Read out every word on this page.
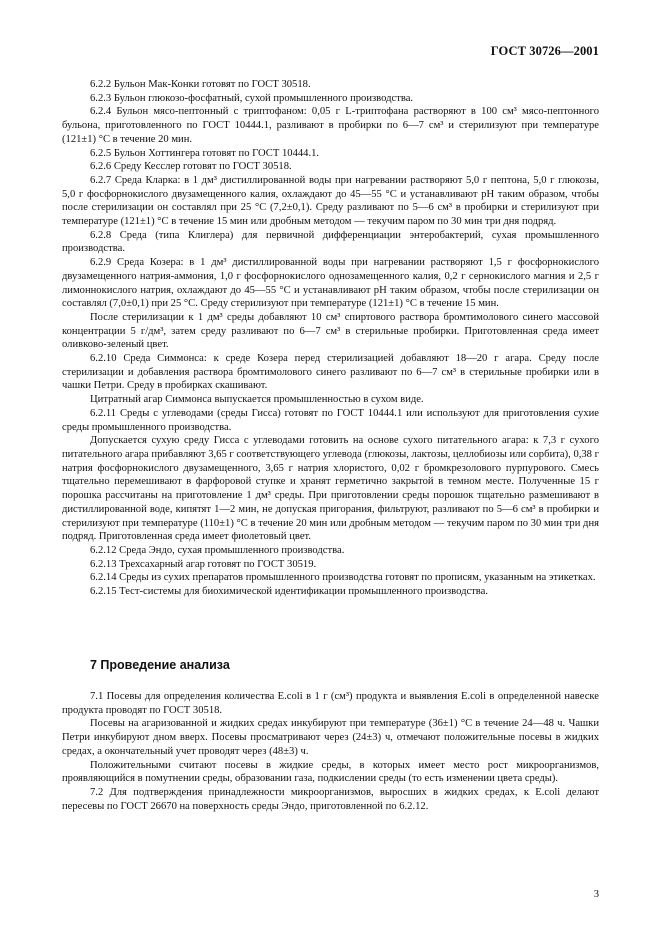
ГОСТ 30726—2001

6.2.2 Бульон Мак-Конки готовят по ГОСТ 30518.

6.2.3 Бульон глюкозо-фосфатный, сухой промышленного производства.

6.2.4 Бульон мясо-пептонный с триптофаном: 0,05 г L-триптофана растворяют в 100 см³ мясо-пептонного бульона, приготовленного по ГОСТ 10444.1, разливают в пробирки по 6—7 см³ и стерилизуют при температуре (121±1) °С в течение 20 мин.

6.2.5 Бульон Хоттингера готовят по ГОСТ 10444.1.

6.2.6 Среду Кесслер готовят по ГОСТ 30518.

6.2.7 Среда Кларка: в 1 дм³ дистиллированной воды при нагревании растворяют 5,0 г пептона, 5,0 г глюкозы, 5,0 г фосфорнокислого двузамещенного калия, охлаждают до 45—55 °С и устанавливают pH таким образом, чтобы после стерилизации он составлял при 25 °С (7,2±0,1). Среду разливают по 5—6 см³ в пробирки и стерилизуют при температуре (121±1) °С в течение 15 мин или дробным методом — текучим паром по 30 мин три дня подряд.

6.2.8 Среда (типа Клиглера) для первичной дифференциации энтеробактерий, сухая промышленного производства.

6.2.9 Среда Козера: в 1 дм³ дистиллированной воды при нагревании растворяют 1,5 г фосфорнокислого двузамещенного натрия-аммония, 1,0 г фосфорнокислого однозамещенного калия, 0,2 г сернокислого магния и 2,5 г лимоннокислого натрия, охлаждают до 45—55 °С и устанавливают pH таким образом, чтобы после стерилизации он составлял (7,0±0,1) при 25 °С. Среду стерилизуют при температуре (121±1) °С в течение 15 мин.

После стерилизации к 1 дм³ среды добавляют 10 см³ спиртового раствора бромтимолового синего массовой концентрации 5 г/дм³, затем среду разливают по 6—7 см³ в стерильные пробирки. Приготовленная среда имеет оливково-зеленый цвет.

6.2.10 Среда Симмонса: к среде Козера перед стерилизацией добавляют 18—20 г агара. Среду после стерилизации и добавления раствора бромтимолового синего разливают по 6—7 см³ в стерильные пробирки или в чашки Петри. Среду в пробирках скашивают.

Цитратный агар Симмонса выпускается промышленностью в сухом виде.

6.2.11 Среды с углеводами (среды Гисса) готовят по ГОСТ 10444.1 или используют для приготовления сухие среды промышленного производства.

Допускается сухую среду Гисса с углеводами готовить на основе сухого питательного агара: к 7,3 г сухого питательного агара прибавляют 3,65 г соответствующего углевода (глюкозы, лактозы, целлобиозы или сорбита), 0,38 г натрия фосфорнокислого двузамещенного, 3,65 г натрия хлористого, 0,02 г бромкрезолового пурпурового. Смесь тщательно перемешивают в фарфоровой ступке и хранят герметично закрытой в темном месте. Полученные 15 г порошка рассчитаны на приготовление 1 дм³ среды. При приготовлении среды порошок тщательно размешивают в дистиллированной воде, кипятят 1—2 мин, не допуская пригорания, фильтруют, разливают по 5—6 см³ в пробирки и стерилизуют при температуре (110±1) °С в течение 20 мин или дробным методом — текучим паром по 30 мин три дня подряд. Приготовленная среда имеет фиолетовый цвет.

6.2.12 Среда Эндо, сухая промышленного производства.

6.2.13 Трехсахарный агар готовят по ГОСТ 30519.

6.2.14 Среды из сухих препаратов промышленного производства готовят по прописям, указанным на этикетках.

6.2.15 Тест-системы для биохимической идентификации промышленного производства.

7 Проведение анализа

7.1 Посевы для определения количества E.coli в 1 г (см³) продукта и выявления E.coli в определенной навеске продукта проводят по ГОСТ 30518.

Посевы на агаризованной и жидких средах инкубируют при температуре (36±1) °С в течение 24—48 ч. Чашки Петри инкубируют дном вверх. Посевы просматривают через (24±3) ч, отмечают положительные посевы в жидких средах, а окончательный учет проводят через (48±3) ч.

Положительными считают посевы в жидкие среды, в которых имеет место рост микроорганизмов, проявляющийся в помутнении среды, образовании газа, подкислении среды (то есть изменении цвета среды).

7.2 Для подтверждения принадлежности микроорганизмов, выросших в жидких средах, к E.coli делают пересевы по ГОСТ 26670 на поверхность среды Эндо, приготовленной по 6.2.12.

3
